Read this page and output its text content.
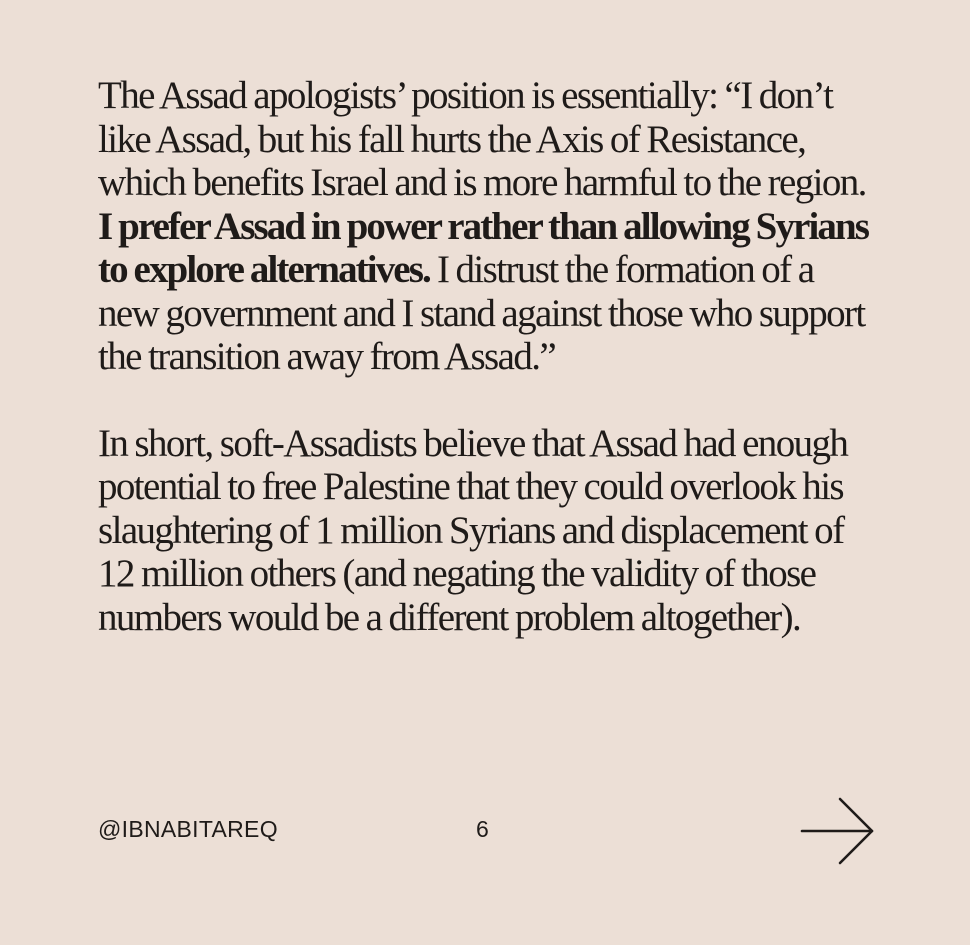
The Assad apologists’ position is essentially: “I don’t like Assad, but his fall hurts the Axis of Resistance, which benefits Israel and is more harmful to the region. I prefer Assad in power rather than allowing Syrians to explore alternatives. I distrust the formation of a new government and I stand against those who support the transition away from Assad.”

In short, soft-Assadists believe that Assad had enough potential to free Palestine that they could overlook his slaughtering of 1 million Syrians and displacement of 12 million others (and negating the validity of those numbers would be a different problem altogether).

@IBNABITAREQ	6
